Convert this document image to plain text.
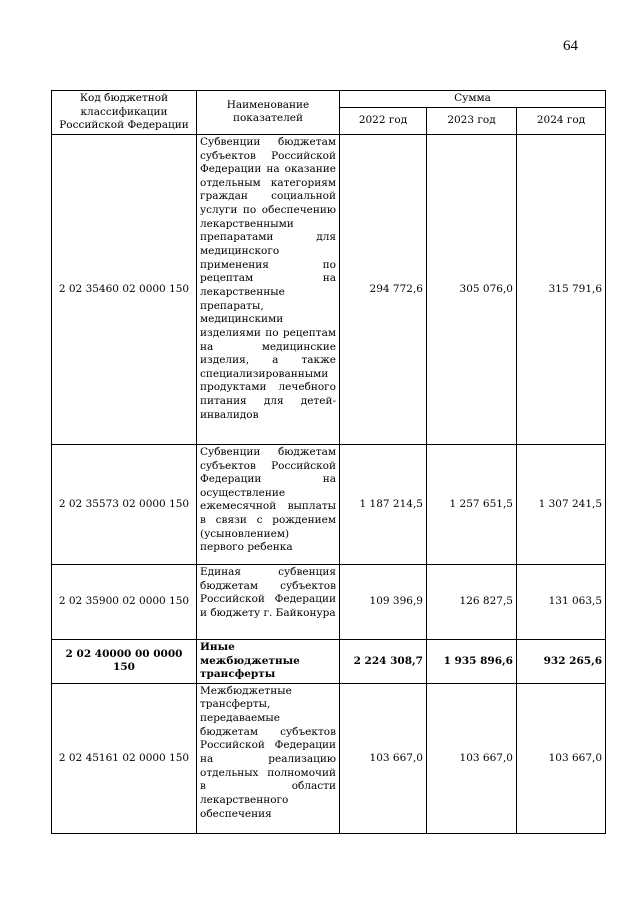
64
Код бюджетной классификации Российской Федерации	Наименование показателей	Сумма		
		2022 год	2023 год	2024 год
2 02 35460 02 0000 150	Субвенции бюджетам субъектов Российской Федерации на оказание отдельным категориям граждан социальной услуги по обеспечению лекарственными препаратами для медицинского применения по рецептам на лекарственные препараты, медицинскими изделиями по рецептам на медицинские изделия, а также специализированными продуктами лечебного питания для детей-инвалидов	294 772,6	305 076,0	315 791,6
2 02 35573 02 0000 150	Субвенции бюджетам субъектов Российской Федерации на осуществление ежемесячной выплаты в связи с рождением (усыновлением) первого ребенка	1 187 214,5	1 257 651,5	1 307 241,5
2 02 35900 02 0000 150	Единая субвенция бюджетам субъектов Российской Федерации и бюджету г. Байконура	109 396,9	126 827,5	131 063,5
2 02 40000 00 0000 150	Иные межбюджетные трансферты	2 224 308,7	1 935 896,6	932 265,6
2 02 45161 02 0000 150	Межбюджетные трансферты, передаваемые бюджетам субъектов Российской Федерации на реализацию отдельных полномочий в области лекарственного обеспечения	103 667,0	103 667,0	103 667,0
